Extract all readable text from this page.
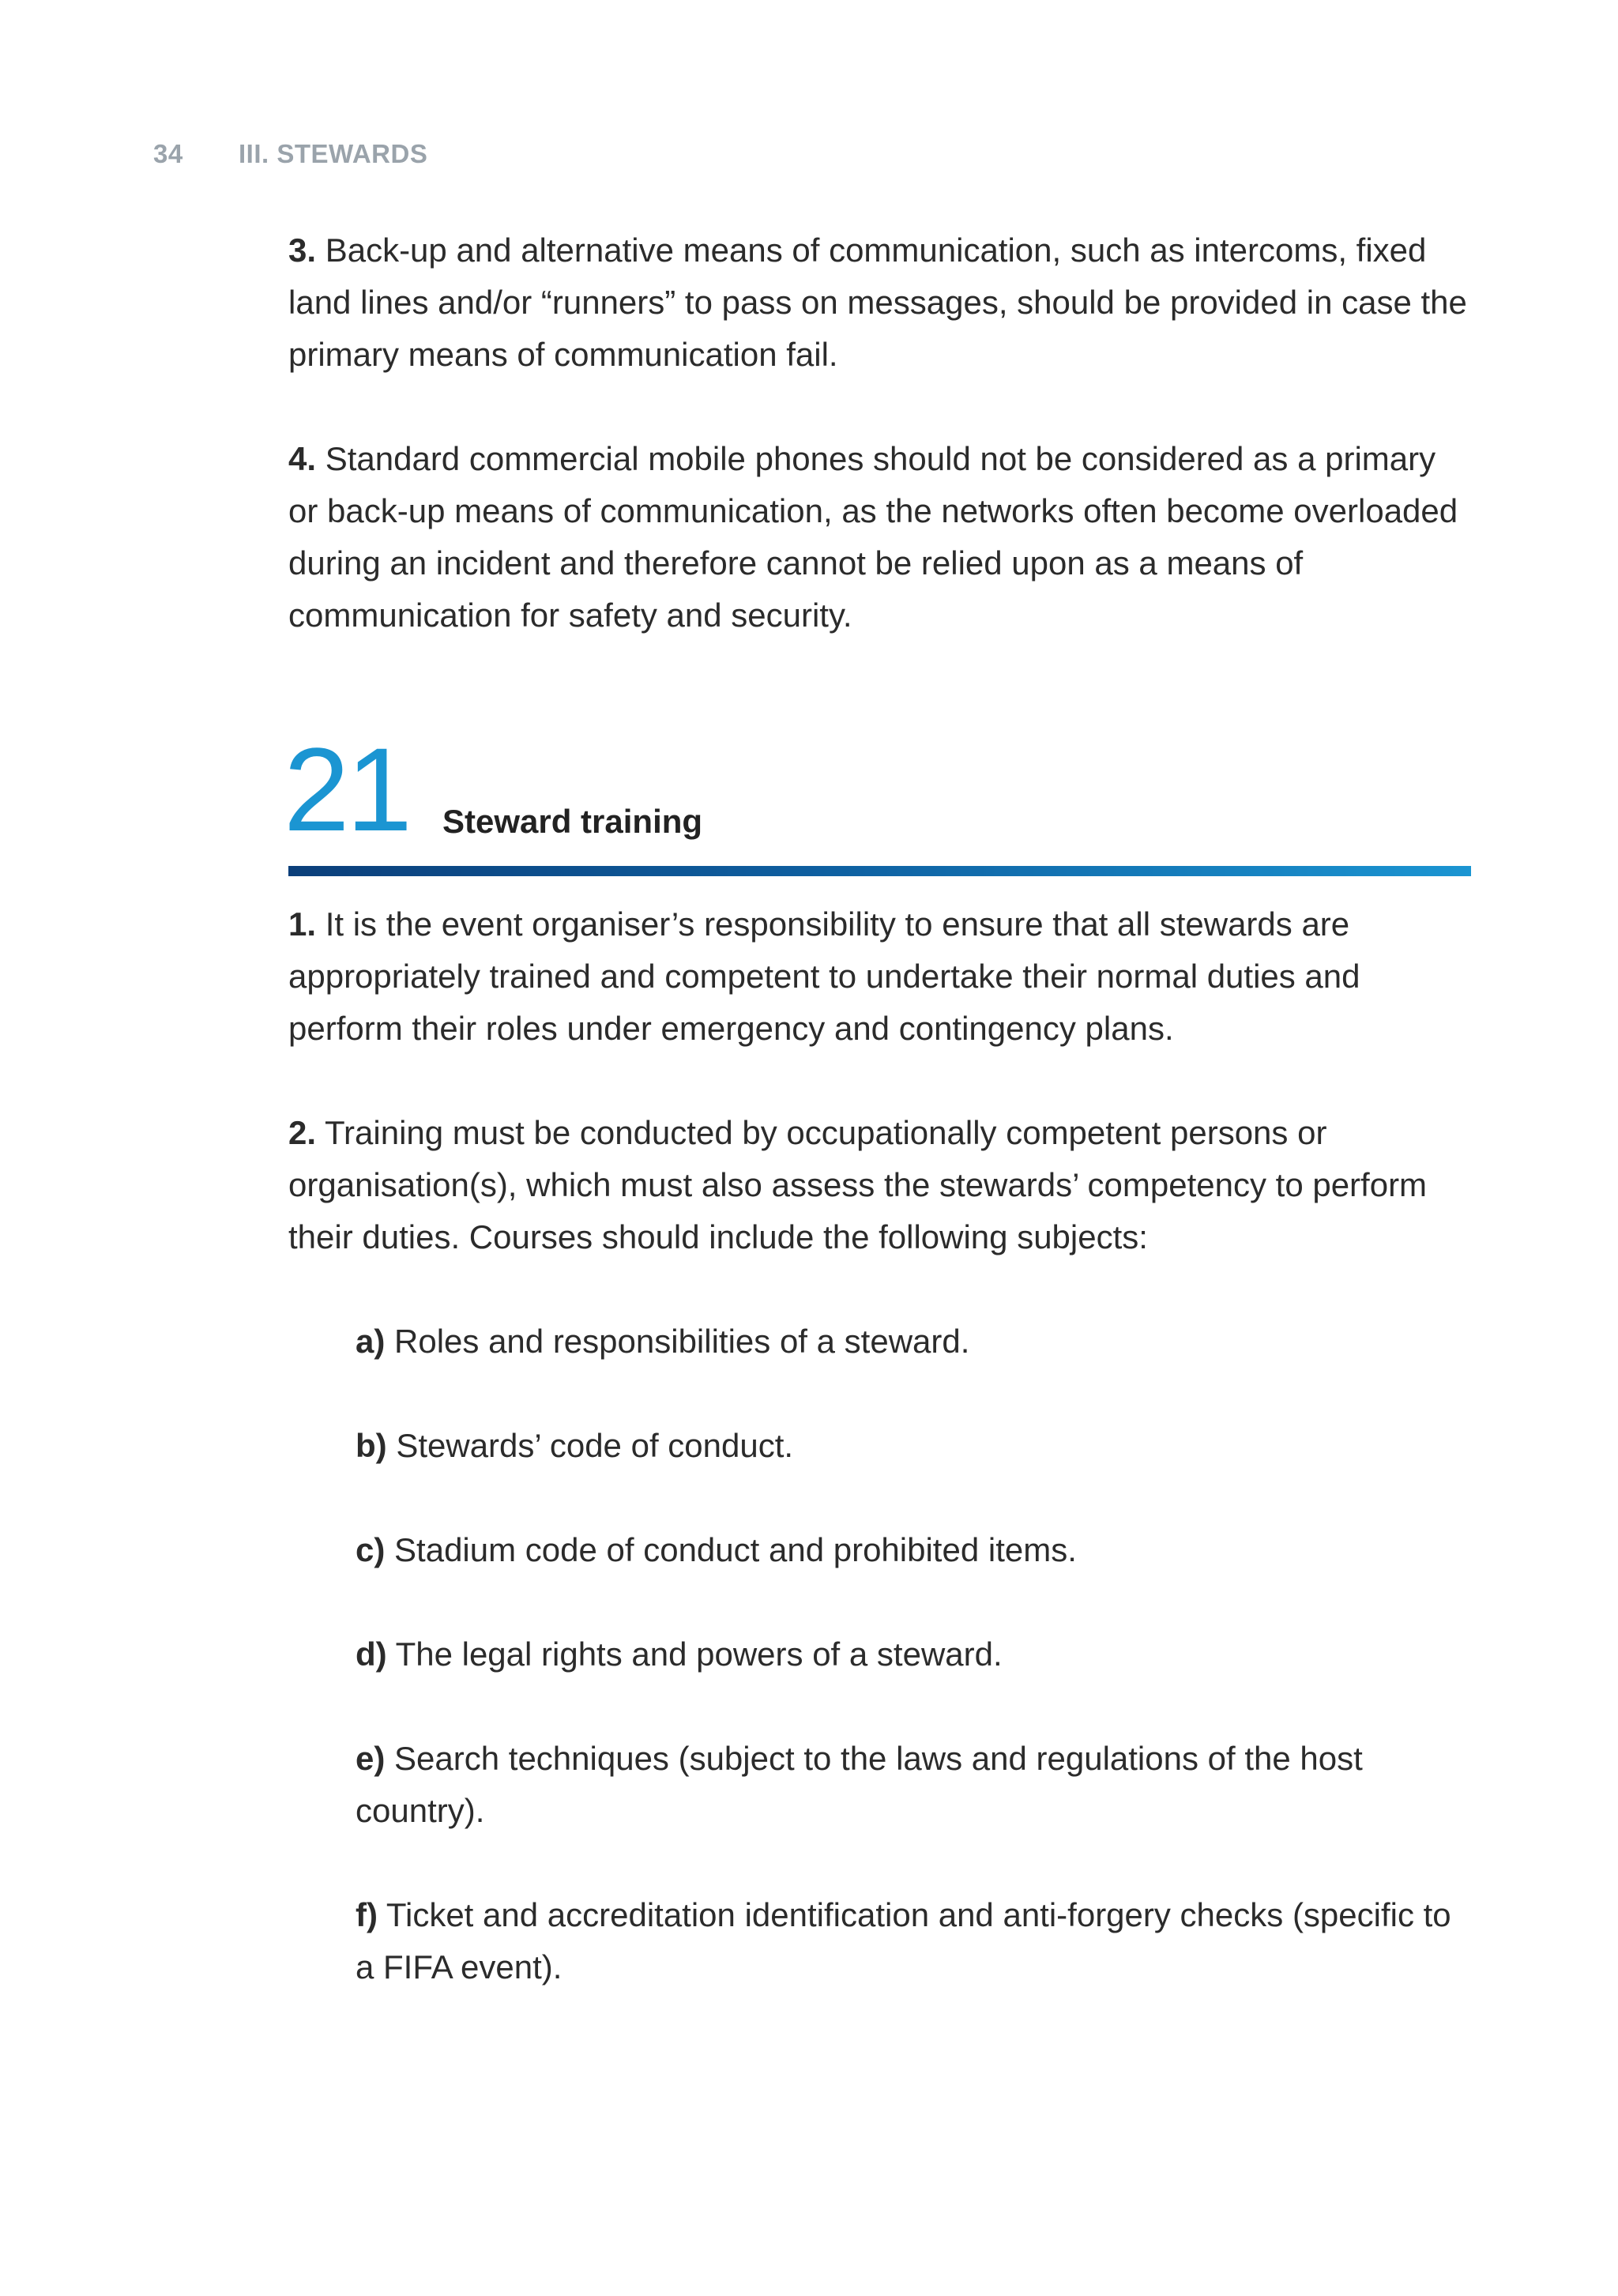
34 III. STEWARDS

3. Back-up and alternative means of communication, such as intercoms, fixed land lines and/or “runners” to pass on messages, should be provided in case the primary means of communication fail.

4. Standard commercial mobile phones should not be considered as a primary or back-up means of communication, as the networks often become overloaded during an incident and therefore cannot be relied upon as a means of communication for safety and security.

21 Steward training

1. It is the event organiser’s responsibility to ensure that all stewards are appropriately trained and competent to undertake their normal duties and perform their roles under emergency and contingency plans.

2. Training must be conducted by occupationally competent persons or organisation(s), which must also assess the stewards’ competency to perform their duties. Courses should include the following subjects:

a) Roles and responsibilities of a steward.

b) Stewards’ code of conduct.

c) Stadium code of conduct and prohibited items.

d) The legal rights and powers of a steward.

e) Search techniques (subject to the laws and regulations of the host country).

f) Ticket and accreditation identification and anti-forgery checks (specific to a FIFA event).
